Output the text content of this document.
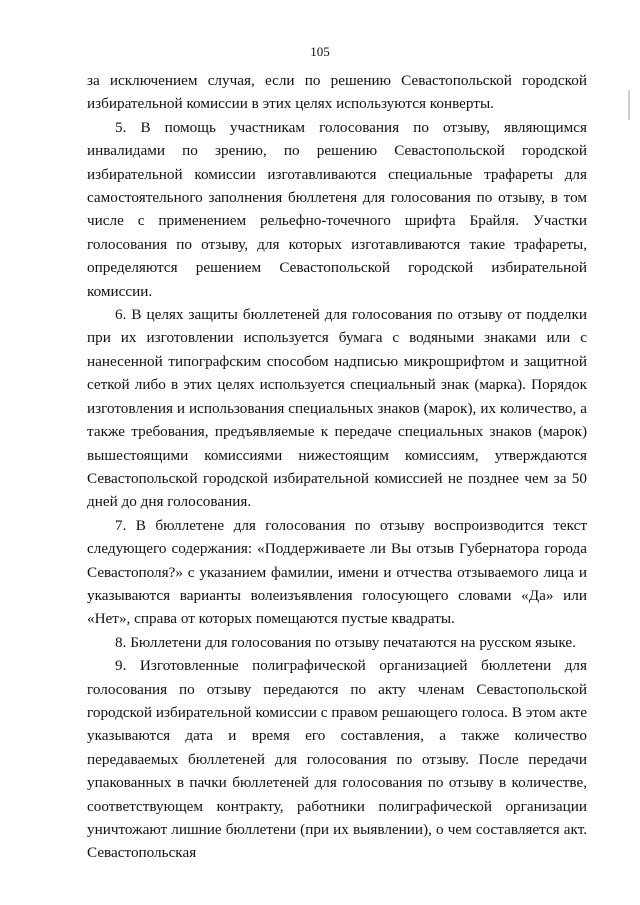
105

за исключением случая, если по решению Севастопольской городской избирательной комиссии в этих целях используются конверты.

5. В помощь участникам голосования по отзыву, являющимся инвалидами по зрению, по решению Севастопольской городской избирательной комиссии изготавливаются специальные трафареты для самостоятельного заполнения бюллетеня для голосования по отзыву, в том числе с применением рельефно-точечного шрифта Брайля. Участки голосования по отзыву, для которых изготавливаются такие трафареты, определяются решением Севастопольской городской избирательной комиссии.

6. В целях защиты бюллетеней для голосования по отзыву от подделки при их изготовлении используется бумага с водяными знаками или с нанесенной типографским способом надписью микрошрифтом и защитной сеткой либо в этих целях используется специальный знак (марка). Порядок изготовления и использования специальных знаков (марок), их количество, а также требования, предъявляемые к передаче специальных знаков (марок) вышестоящими комиссиями нижестоящим комиссиям, утверждаются Севастопольской городской избирательной комиссией не позднее чем за 50 дней до дня голосования.

7. В бюллетене для голосования по отзыву воспроизводится текст следующего содержания: «Поддерживаете ли Вы отзыв Губернатора города Севастополя?» с указанием фамилии, имени и отчества отзываемого лица и указываются варианты волеизъявления голосующего словами «Да» или «Нет», справа от которых помещаются пустые квадраты.

8. Бюллетени для голосования по отзыву печатаются на русском языке.

9. Изготовленные полиграфической организацией бюллетени для голосования по отзыву передаются по акту членам Севастопольской городской избирательной комиссии с правом решающего голоса. В этом акте указываются дата и время его составления, а также количество передаваемых бюллетеней для голосования по отзыву. После передачи упакованных в пачки бюллетеней для голосования по отзыву в количестве, соответствующем контракту, работники полиграфической организации уничтожают лишние бюллетени (при их выявлении), о чем составляется акт. Севастопольская
